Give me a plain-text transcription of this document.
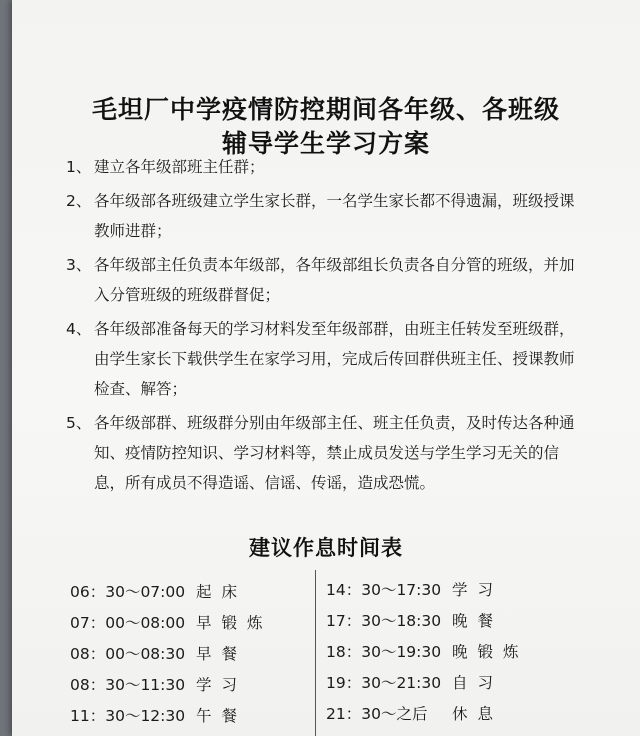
毛坦厂中学疫情防控期间各年级、各班级
辅导学生学习方案
1、 建立各年级部班主任群；
2、 各年级部各班级建立学生家长群，一名学生家长都不得遗漏，班级授课教师进群；
3、 各年级部主任负责本年级部，各年级部组长负责各自分管的班级，并加入分管班级的班级群督促；
4、 各年级部准备每天的学习材料发至年级部群，由班主任转发至班级群，由学生家长下载供学生在家学习用，完成后传回群供班主任、授课教师检查、解答；
5、 各年级部群、班级群分别由年级部主任、班主任负责，及时传达各种通知、疫情防控知识、学习材料等，禁止成员发送与学生学习无关的信息，所有成员不得造谣、信谣、传谣，造成恐慌。
建议作息时间表
06：30～07:00 起床
07：00～08:00 早锻炼
08：00～08:30 早餐
08：30～11:30 学习
11：30～12:30 午餐
14：30～17:30 学习
17：30～18:30 晚餐
18：30～19:30 晚锻炼
19：30～21:30 自习
21：30～之后 休息
